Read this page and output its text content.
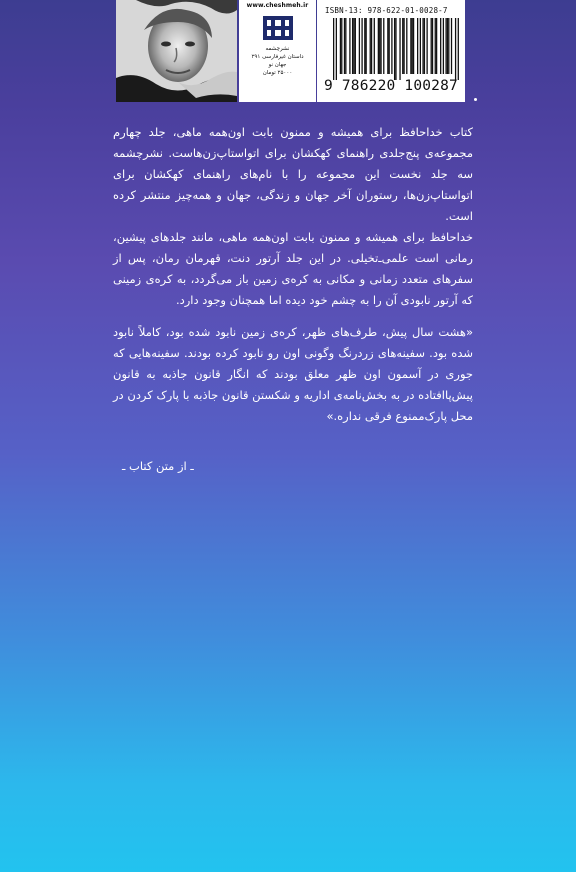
www.cheshmeh.ir
نشرچشمه
داستان غیرفارسی ۲۹۱
جهان نو
۲۵۰۰۰ تومان
ISBN-13: 978-622-01-0028-7
9 786220 100287

کتاب خداحافظ برای همیشه و ممنون بابت اون‌همه ماهی، جلد چهارم مجموعه‌ی پنج‌جلدی راهنمای کهکشان برای اتواستاپ‌زن‌هاست. نشرچشمه سه جلد نخست این مجموعه را با نام‌های راهنمای کهکشان برای اتواستاپ‌زن‌ها، رستوران آخر جهان و زندگی، جهان و همه‌چیز منتشر کرده است.

خداحافظ برای همیشه و ممنون بابت اون‌همه ماهی، مانند جلدهای پیشین، رمانی است علمی‌ـ‌تخیلی. در این جلد آرتور دنت، قهرمان رمان، پس از سفرهای متعدد زمانی و مکانی به کره‌ی زمین باز می‌گردد، به کره‌ی زمینی که آرتور نابودی آن را به چشم خود دیده اما همچنان وجود دارد.

«هشت سال پیش، طرف‌های ظهر، کره‌ی زمین نابود شده بود، کاملاً نابود شده بود. سفینه‌های زردرنگ وگونی اون رو نابود کرده بودند. سفینه‌هایی که جوری در آسمون اون ظهر معلق بودند که انگار قانون جاذبه به قانون پیش‌پاافتاده در به بخش‌نامه‌ی اداریه و شکستن قانون جاذبه با پارک کردن در محل پارک‌ممنوع فرقی نداره.»
ـ از متن کتاب ـ
